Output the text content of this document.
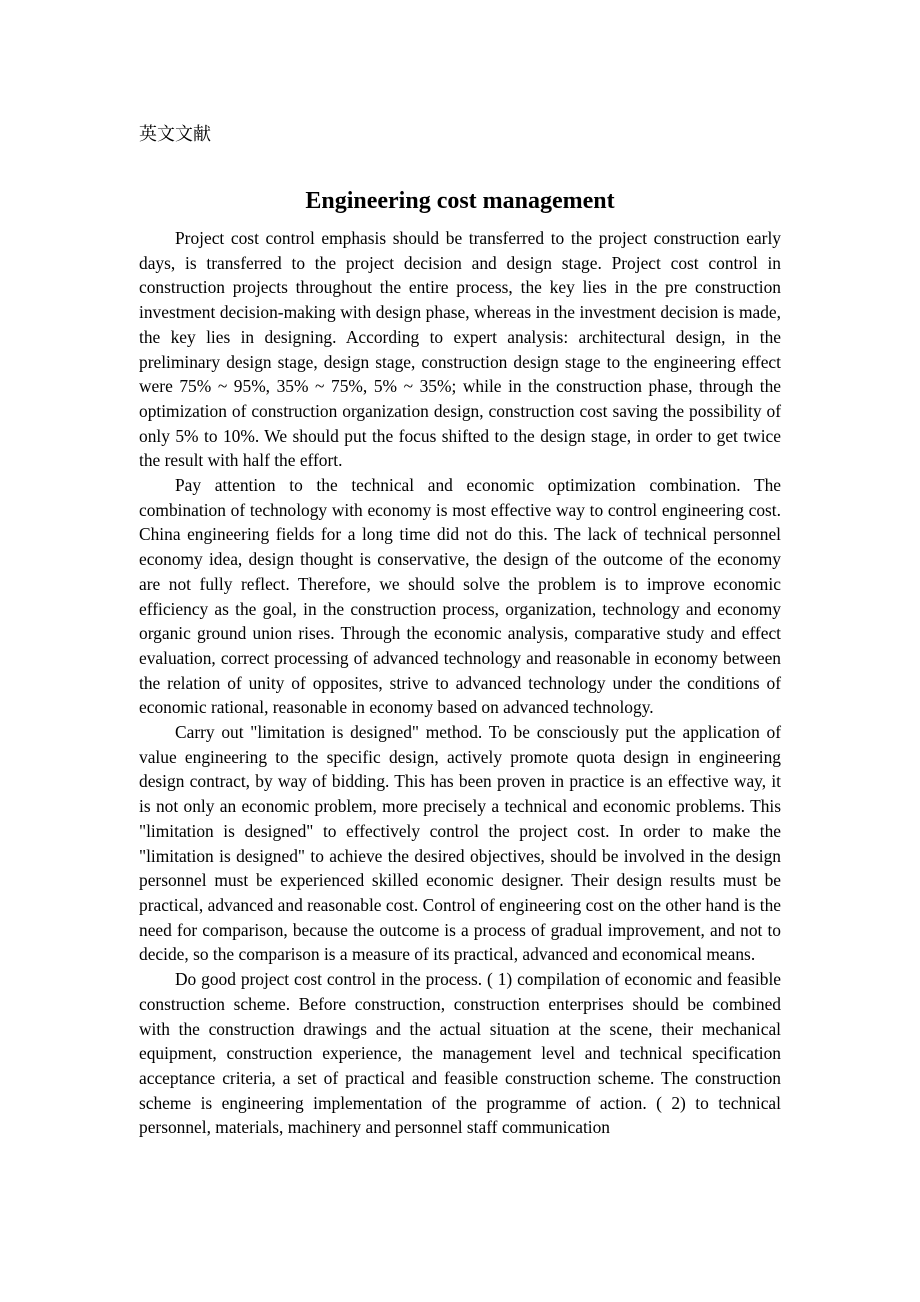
英文文献
Engineering cost management

Project cost control emphasis should be transferred to the project construction early days, is transferred to the project decision and design stage. Project cost control in construction projects throughout the entire process, the key lies in the pre construction investment decision-making with design phase, whereas in the investment decision is made, the key lies in designing. According to expert analysis: architectural design, in the preliminary design stage, design stage, construction design stage to the engineering effect were 75% ~ 95%, 35% ~ 75%, 5% ~ 35%; while in the construction phase, through the optimization of construction organization design, construction cost saving the possibility of only 5% to 10%. We should put the focus shifted to the design stage, in order to get twice the result with half the effort.

Pay attention to the technical and economic optimization combination. The combination of technology with economy is most effective way to control engineering cost. China engineering fields for a long time did not do this. The lack of technical personnel economy idea, design thought is conservative, the design of the outcome of the economy are not fully reflect. Therefore, we should solve the problem is to improve economic efficiency as the goal, in the construction process, organization, technology and economy organic ground union rises. Through the economic analysis, comparative study and effect evaluation, correct processing of advanced technology and reasonable in economy between the relation of unity of opposites, strive to advanced technology under the conditions of economic rational, reasonable in economy based on advanced technology.

Carry out "limitation is designed" method. To be consciously put the application of value engineering to the specific design, actively promote quota design in engineering design contract, by way of bidding. This has been proven in practice is an effective way, it is not only an economic problem, more precisely a technical and economic problems. This "limitation is designed" to effectively control the project cost. In order to make the "limitation is designed" to achieve the desired objectives, should be involved in the design personnel must be experienced skilled economic designer. Their design results must be practical, advanced and reasonable cost. Control of engineering cost on the other hand is the need for comparison, because the outcome is a process of gradual improvement, and not to decide, so the comparison is a measure of its practical, advanced and economical means.

Do good project cost control in the process. ( 1) compilation of economic and feasible construction scheme. Before construction, construction enterprises should be combined with the construction drawings and the actual situation at the scene, their mechanical equipment, construction experience, the management level and technical specification acceptance criteria, a set of practical and feasible construction scheme. The construction scheme is engineering implementation of the programme of action. ( 2) to technical personnel, materials, machinery and personnel staff communication
